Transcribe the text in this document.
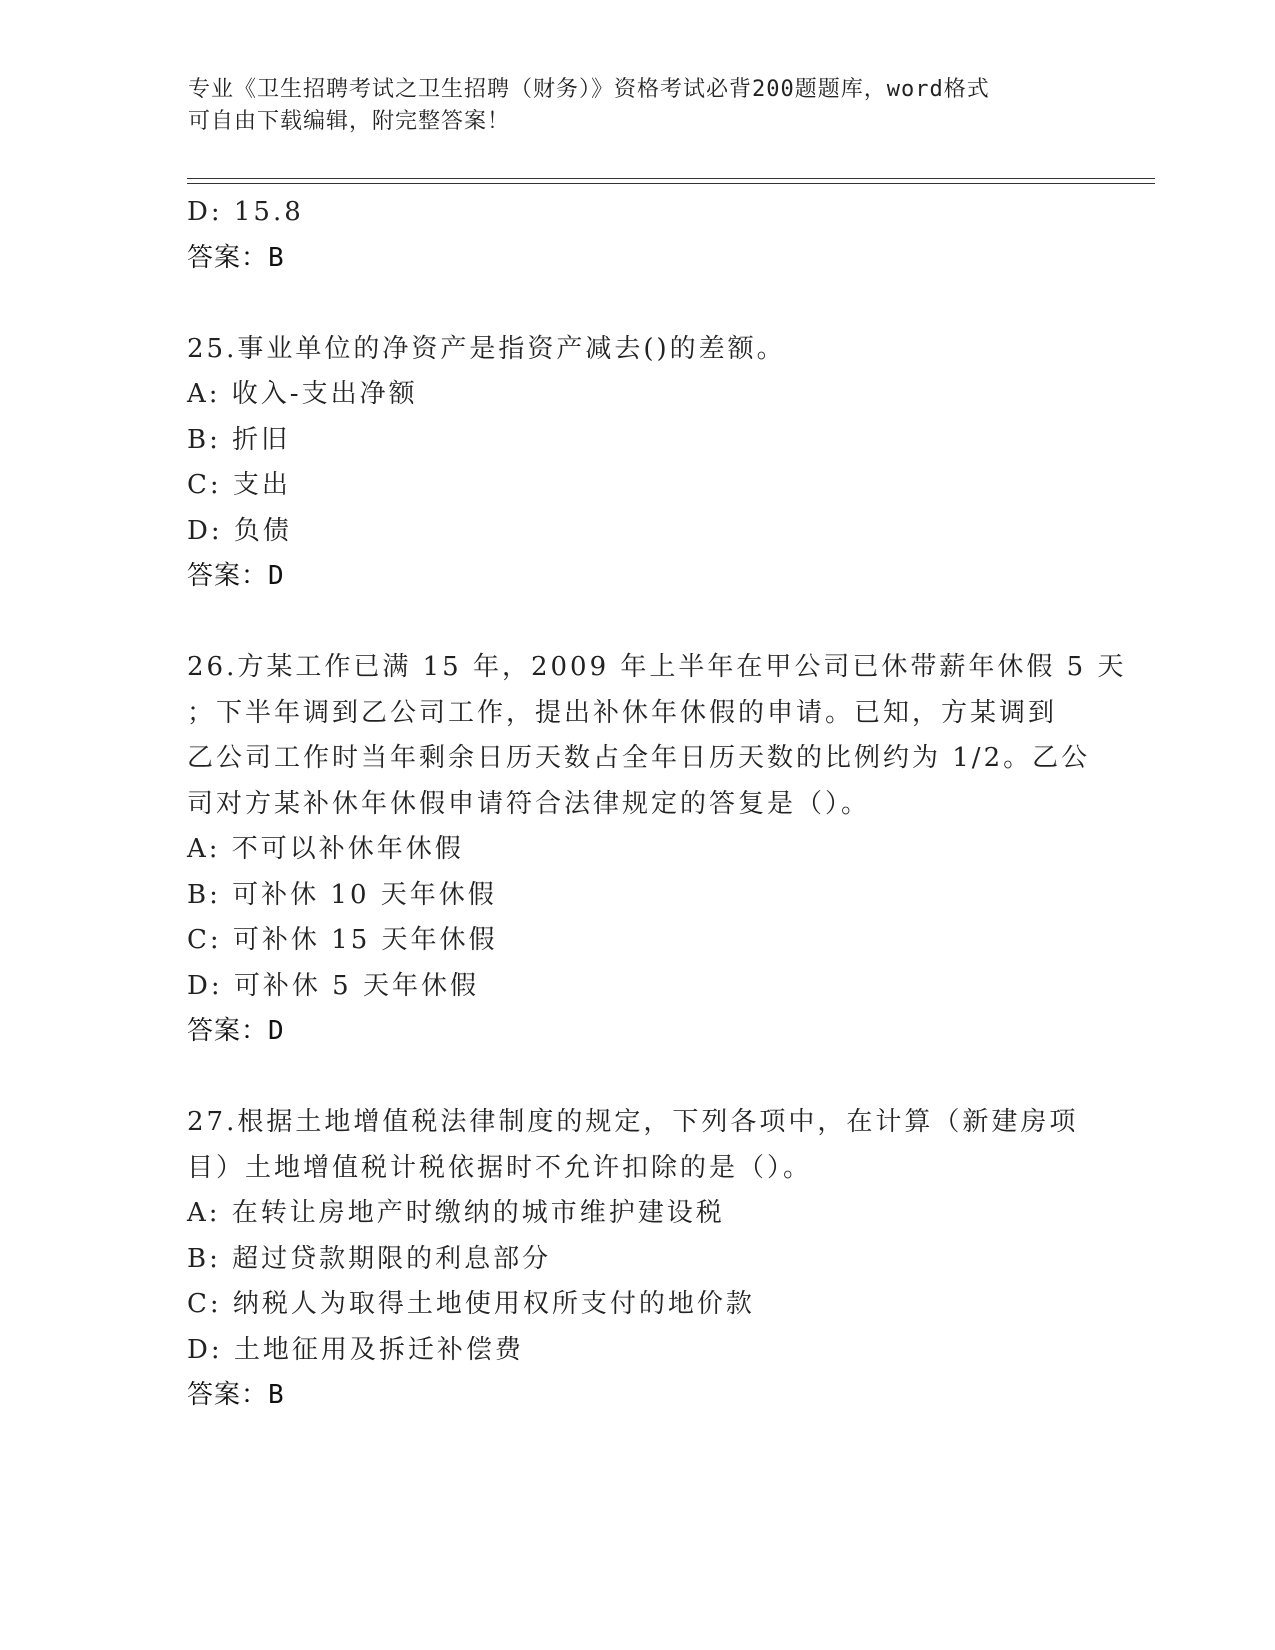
专业《卫生招聘考试之卫生招聘（财务）》资格考试必背200题题库，word格式
可自由下载编辑，附完整答案！
D: 15.8
答案：B
25.事业单位的净资产是指资产减去()的差额。
A: 收入-支出净额
B: 折旧
C: 支出
D: 负债
答案：D
26.方某工作已满 15 年，2009 年上半年在甲公司已休带薪年休假 5 天
；下半年调到乙公司工作，提出补休年休假的申请。已知，方某调到
乙公司工作时当年剩余日历天数占全年日历天数的比例约为 1/2。乙公
司对方某补休年休假申请符合法律规定的答复是（）。
A: 不可以补休年休假
B: 可补休 10 天年休假
C: 可补休 15 天年休假
D: 可补休 5 天年休假
答案：D
27.根据土地增值税法律制度的规定，下列各项中，在计算（新建房项
目）土地增值税计税依据时不允许扣除的是（）。
A: 在转让房地产时缴纳的城市维护建设税
B: 超过贷款期限的利息部分
C: 纳税人为取得土地使用权所支付的地价款
D: 土地征用及拆迁补偿费
答案：B
